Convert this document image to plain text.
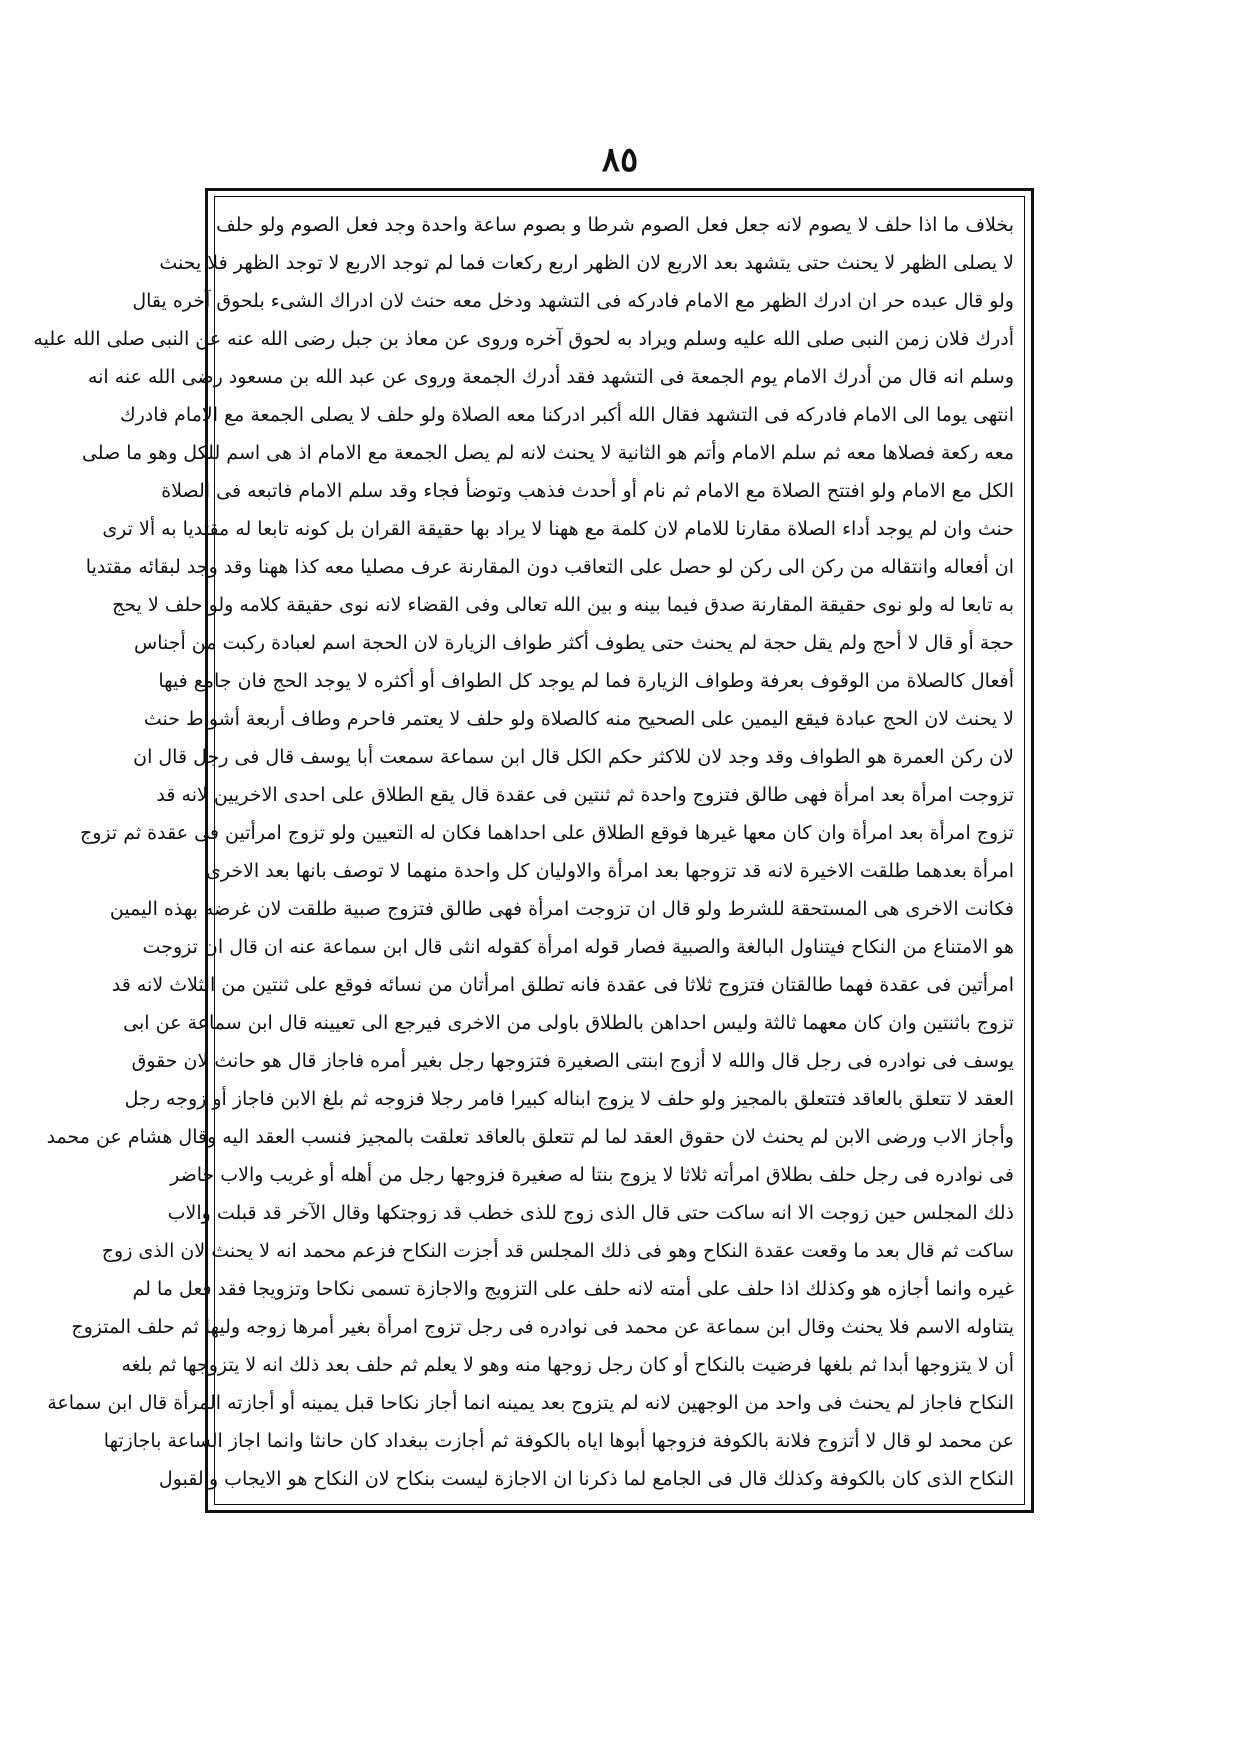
٨٥
بخلاف ما اذا حلف لا يصوم لانه جعل فعل الصوم شرطا و بصوم ساعة واحدة وجد فعل الصوم ولو حلف
لا يصلى الظهر لا يحنث حتى يتشهد بعد الاربع لان الظهر اربع ركعات فما لم توجد الاربع لا توجد الظهر فلا يحنث
ولو قال عبده حر ان ادرك الظهر مع الامام فادركه فى التشهد ودخل معه حنث لان ادراك الشىء بلحوق آخره يقال
أدرك فلان زمن النبى صلى الله عليه وسلم ويراد به لحوق آخره وروى عن معاذ بن جبل رضى الله عنه عن النبى صلى الله عليه
وسلم انه قال من أدرك الامام يوم الجمعة فى التشهد فقد أدرك الجمعة وروى عن عبد الله بن مسعود رضى الله عنه انه
انتهى يوما الى الامام فادركه فى التشهد فقال الله أكبر ادركنا معه الصلاة ولو حلف لا يصلى الجمعة مع الامام فادرك
معه ركعة فصلاها معه ثم سلم الامام وأتم هو الثانية لا يحنث لانه لم يصل الجمعة مع الامام اذ هى اسم للكل وهو ما صلى
الكل مع الامام ولو افتتح الصلاة مع الامام ثم نام أو أحدث فذهب وتوضأ فجاء وقد سلم الامام فاتبعه فى الصلاة
حنث وان لم يوجد أداء الصلاة مقارنا للامام لان كلمة مع ههنا لا يراد بها حقيقة القران بل كونه تابعا له مقتديا به ألا ترى
ان أفعاله وانتقاله من ركن الى ركن لو حصل على التعاقب دون المقارنة عرف مصليا معه كذا ههنا وقد وجد لبقائه مقتديا
به تابعا له ولو نوى حقيقة المقارنة صدق فيما بينه و بين الله تعالى وفى القضاء لانه نوى حقيقة كلامه ولو حلف لا يحج
حجة أو قال لا أحج ولم يقل حجة لم يحنث حتى يطوف أكثر طواف الزيارة لان الحجة اسم لعبادة ركبت من أجناس
أفعال كالصلاة من الوقوف بعرفة وطواف الزيارة فما لم يوجد كل الطواف أو أكثره لا يوجد الحج فان جامع فيها
لا يحنث لان الحج عبادة فيقع اليمين على الصحيح منه كالصلاة ولو حلف لا يعتمر فاحرم وطاف أربعة أشواط حنث
لان ركن العمرة هو الطواف وقد وجد لان للاكثر حكم الكل قال ابن سماعة سمعت أبا يوسف قال فى رجل قال ان
تزوجت امرأة بعد امرأة فهى طالق فتزوج واحدة ثم ثنتين فى عقدة قال يقع الطلاق على احدى الاخريين لانه قد
تزوج امرأة بعد امرأة وان كان معها غيرها فوقع الطلاق على احداهما فكان له التعيين ولو تزوج امرأتين فى عقدة ثم تزوج
امرأة بعدهما طلقت الاخيرة لانه قد تزوجها بعد امرأة والاوليان كل واحدة منهما لا توصف بانها بعد الاخرى
فكانت الاخرى هى المستحقة للشرط ولو قال ان تزوجت امرأة فهى طالق فتزوج صبية طلقت لان غرضه بهذه اليمين
هو الامتناع من النكاح فيتناول البالغة والصبية فصار قوله امرأة كقوله انثى قال ابن سماعة عنه ان قال ان تزوجت
امرأتين فى عقدة فهما طالقتان فتزوج ثلاثا فى عقدة فانه تطلق امرأتان من نسائه فوقع على ثنتين من الثلاث لانه قد
تزوج باثنتين وان كان معهما ثالثة وليس احداهن بالطلاق باولى من الاخرى فيرجع الى تعيينه قال ابن سماعة عن ابى
يوسف فى نوادره فى رجل قال والله لا أزوج ابنتى الصغيرة فتزوجها رجل بغير أمره فاجاز قال هو حانث لان حقوق
العقد لا تتعلق بالعاقد فتتعلق بالمجيز ولو حلف لا يزوج ابناله كبيرا فامر رجلا فزوجه ثم بلغ الابن فاجاز أو زوجه رجل
وأجاز الاب ورضى الابن لم يحنث لان حقوق العقد لما لم تتعلق بالعاقد تعلقت بالمجيز فنسب العقد اليه وقال هشام عن محمد
فى نوادره فى رجل حلف بطلاق امرأته ثلاثا لا يزوج بنتا له صغيرة فزوجها رجل من أهله أو غريب والاب حاضر
ذلك المجلس حين زوجت الا انه ساكت حتى قال الذى زوج للذى خطب قد زوجتكها وقال الآخر قد قبلت والاب
ساكت ثم قال بعد ما وقعت عقدة النكاح وهو فى ذلك المجلس قد أجزت النكاح فزعم محمد انه لا يحنث لان الذى زوج
غيره وانما أجازه هو وكذلك اذا حلف على أمته لانه حلف على التزويج والاجازة تسمى نكاحا وتزويجا فقد فعل ما لم
يتناوله الاسم فلا يحنث وقال ابن سماعة عن محمد فى نوادره فى رجل تزوج امرأة بغير أمرها زوجه وليها ثم حلف المتزوج
أن لا يتزوجها أبدا ثم بلغها فرضيت بالنكاح أو كان رجل زوجها منه وهو لا يعلم ثم حلف بعد ذلك انه لا يتزوجها ثم بلغه
النكاح فاجاز لم يحنث فى واحد من الوجهين لانه لم يتزوج بعد يمينه انما أجاز نكاحا قبل يمينه أو أجازته المرأة قال ابن سماعة
عن محمد لو قال لا أتزوج فلانة بالكوفة فزوجها أبوها اياه بالكوفة ثم أجازت ببغداد كان حانثا وانما اجاز الساعة باجازتها
النكاح الذى كان بالكوفة وكذلك قال فى الجامع لما ذكرنا ان الاجازة ليست بنكاح لان النكاح هو الايجاب والقبول
